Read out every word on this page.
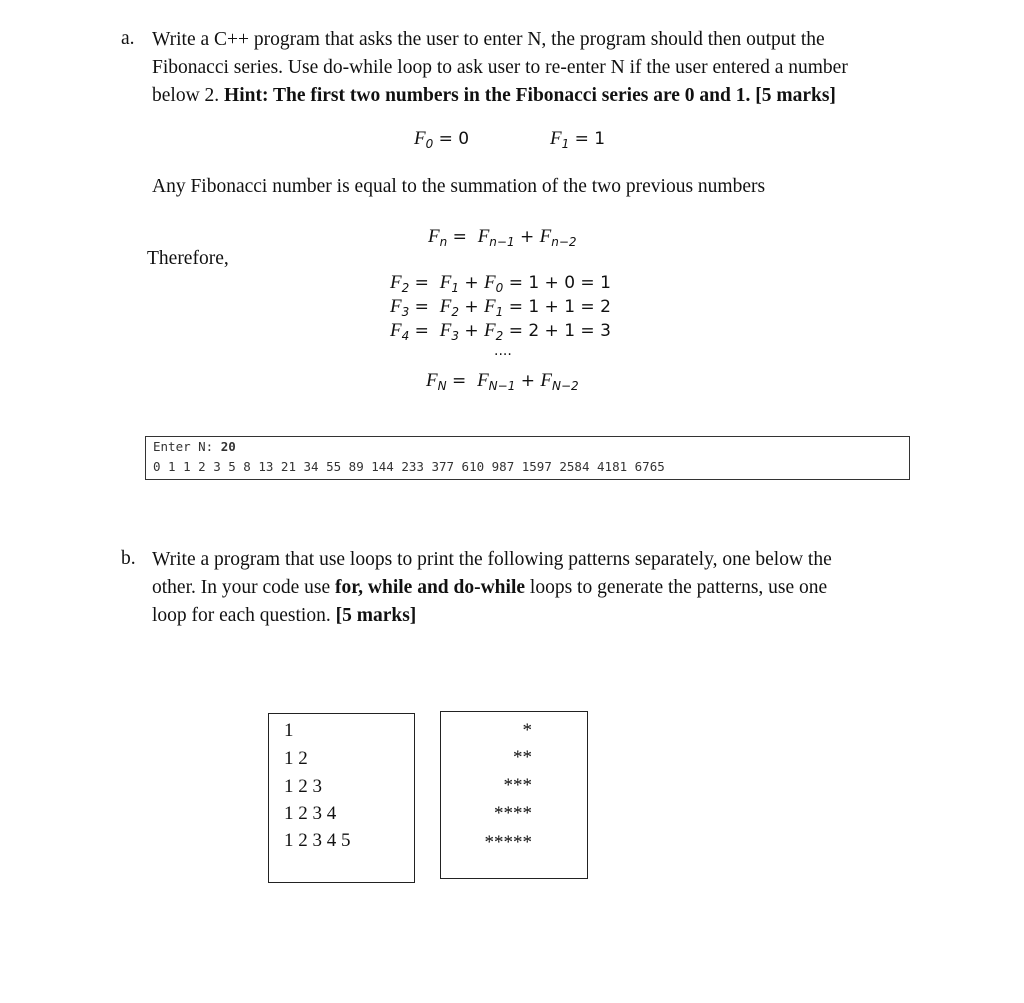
a. Write a C++ program that asks the user to enter N, the program should then output the
Fibonacci series. Use do-while loop to ask user to re-enter N if the user entered a number
below 2. Hint: The first two numbers in the Fibonacci series are 0 and 1. [5 marks]
$F_0 = 0$	$F_1 = 1$
Any Fibonacci number is equal to the summation of the two previous numbers
$F_n = F_{n-1} + F_{n-2}$
Therefore,
$F_2 = F_1 + F_0 = 1 + 0 = 1$
$F_3 = F_2 + F_1 = 1 + 1 = 2$
$F_4 = F_3 + F_2 = 2 + 1 = 3$
....
$F_N = F_{N-1} + F_{N-2}$
Enter N: 20
0 1 1 2 3 5 8 13 21 34 55 89 144 233 377 610 987 1597 2584 4181 6765
b. Write a program that use loops to print the following patterns separately, one below the
other. In your code use for, while and do-while loops to generate the patterns, use one
loop for each question. [5 marks]
1
1 2
1 2 3
1 2 3 4
1 2 3 4 5
*
**
***
****
*****
